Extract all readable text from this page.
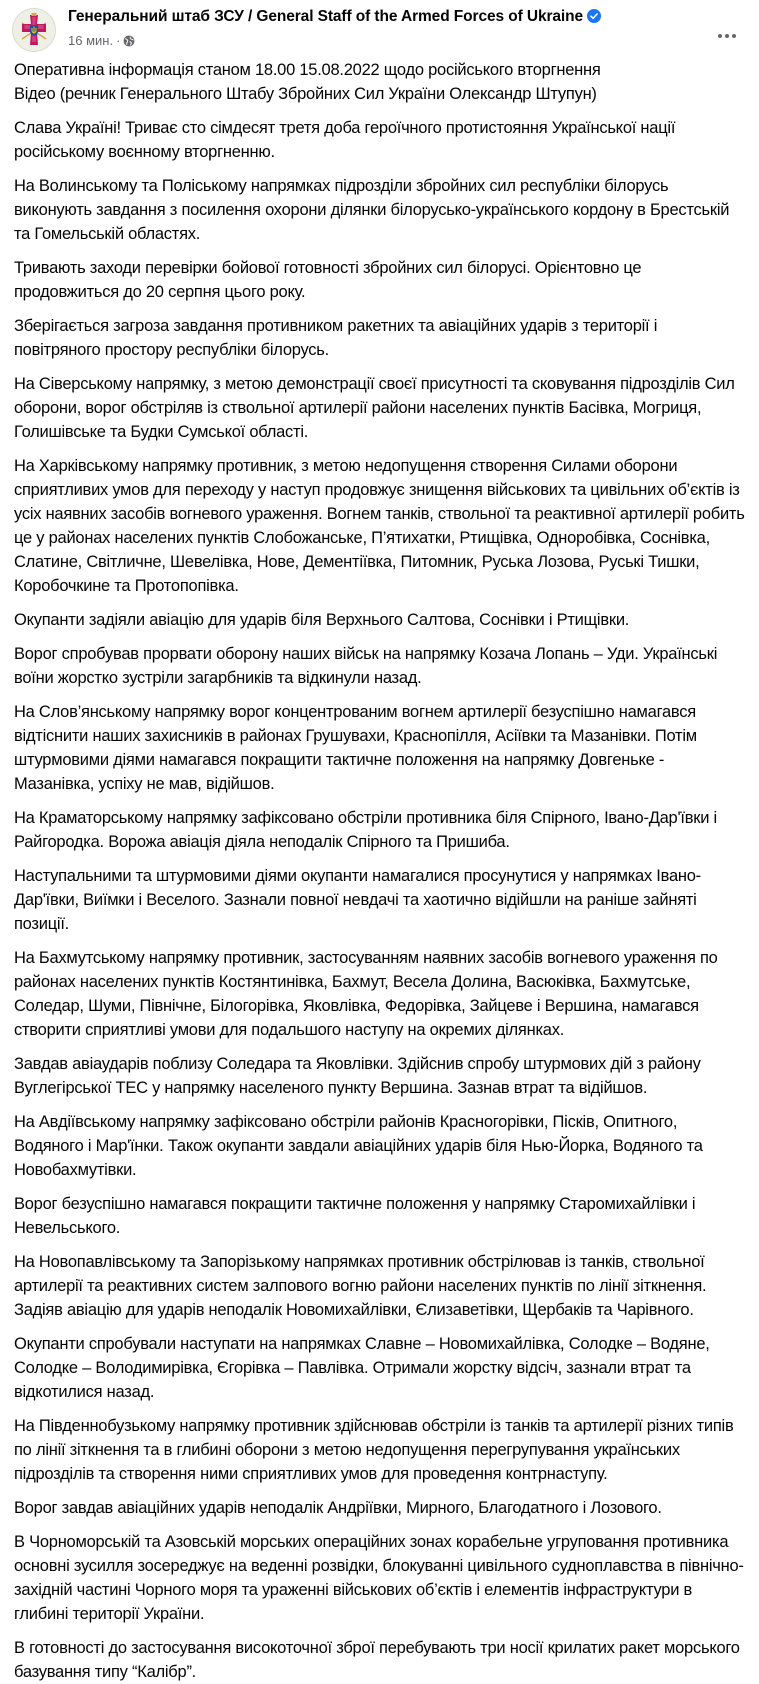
Генеральний штаб ЗСУ / General Staff of the Armed Forces of Ukraine
16 мин. ·

Оперативна інформація станом 18.00 15.08.2022 щодо російського вторгнення

Відео (речник Генерального Штабу Збройних Сил України Олександр Штупун)

Слава Україні! Триває сто сімдесят третя доба героїчного протистояння Української нації російському воєнному вторгненню.

На Волинському та Поліському напрямках підрозділи збройних сил республіки білорусь виконують завдання з посилення охорони ділянки білорусько-українського кордону в Брестській та Гомельській областях.

Тривають заходи перевірки бойової готовності збройних сил білорусі. Орієнтовно це продовжиться до 20 серпня цього року.

Зберігається загроза завдання противником ракетних та авіаційних ударів з території і повітряного простору республіки білорусь.

На Сіверському напрямку, з метою демонстрації своєї присутності та сковування підрозділів Сил оборони, ворог обстріляв із ствольної артилерії райони населених пунктів Басівка, Могриця, Голишівське та Будки Сумської області.

На Харківському напрямку противник, з метою недопущення створення Силами оборони сприятливих умов для переходу у наступ продовжує знищення військових та цивільних об’єктів із усіх наявних засобів вогневого ураження. Вогнем танків, ствольної та реактивної артилерії робить це у районах населених пунктів Слобожанське, П’ятихатки, Ртищівка, Одноробівка, Соснівка, Слатине, Світличне, Шевелівка, Нове, Дементіївка, Питомник, Руська Лозова, Руські Тишки, Коробочкине та Протопопівка.

Окупанти задіяли авіацію для ударів біля Верхнього Салтова, Соснівки і Ртищівки.

Ворог спробував прорвати оборону наших військ на напрямку Козача Лопань – Уди. Українські воїни жорстко зустріли загарбників та відкинули назад.

На Слов’янському напрямку ворог концентрованим вогнем артилерії безуспішно намагався відтіснити наших захисників в районах Грушувахи, Краснопілля, Асіївки та Мазанівки. Потім штурмовими діями намагався покращити тактичне положення на напрямку Довгеньке - Мазанівка, успіху не мав, відійшов.

На Краматорському напрямку зафіксовано обстріли противника біля Спірного, Івано-Дар'ївки і Райгородка. Ворожа авіація діяла неподалік Спірного та Пришиба.

Наступальними та штурмовими діями окупанти намагалися просунутися у напрямках Івано-Дар'ївки, Виїмки і Веселого. Зазнали повної невдачі та хаотично відійшли на раніше зайняті позиції.

На Бахмутському напрямку противник, застосуванням наявних засобів вогневого ураження по районах населених пунктів Костянтинівка, Бахмут, Весела Долина, Васюківка, Бахмутське, Соледар, Шуми, Північне, Білогорівка, Яковлівка, Федорівка, Зайцеве і Вершина, намагався створити сприятливі умови для подальшого наступу на окремих ділянках.

Завдав авіаударів поблизу Соледара та Яковлівки. Здійснив спробу штурмових дій з району Вуглегірської ТЕС у напрямку населеного пункту Вершина. Зазнав втрат та відійшов.

На Авдіївському напрямку зафіксовано обстріли районів Красногорівки, Пісків, Опитного, Водяного і Мар'їнки. Також окупанти завдали авіаційних ударів біля Нью-Йорка, Водяного та Новобахмутівки.

Ворог безуспішно намагався покращити тактичне положення у напрямку Старомихайлівки і Невельського.

На Новопавлівському та Запорізькому напрямках противник обстрілював із танків, ствольної артилерії та реактивних систем залпового вогню райони населених пунктів по лінії зіткнення. Задіяв авіацію для ударів неподалік Новомихайлівки, Єлизаветівки, Щербаків та Чарівного.

Окупанти спробували наступати на напрямках Славне – Новомихайлівка, Солодке – Водяне, Солодке – Володимирівка, Єгорівка – Павлівка. Отримали жорстку відсіч, зазнали втрат та відкотилися назад.

На Південнобузькому напрямку противник здійснював обстріли із танків та артилерії різних типів по лінії зіткнення та в глибині оборони з метою недопущення перегрупування українських підрозділів та створення ними сприятливих умов для проведення контрнаступу.

Ворог завдав авіаційних ударів неподалік Андріївки, Мирного, Благодатного і Лозового.

В Чорноморській та Азовській морських операційних зонах корабельне угруповання противника основні зусилля зосереджує на веденні розвідки, блокуванні цивільного судноплавства в північно-західній частині Чорного моря та ураженні військових об’єктів і елементів інфраструктури в глибині території України.

В готовності до застосування високоточної зброї перебувають три носії крилатих ракет морського базування типу “Калібр”.
